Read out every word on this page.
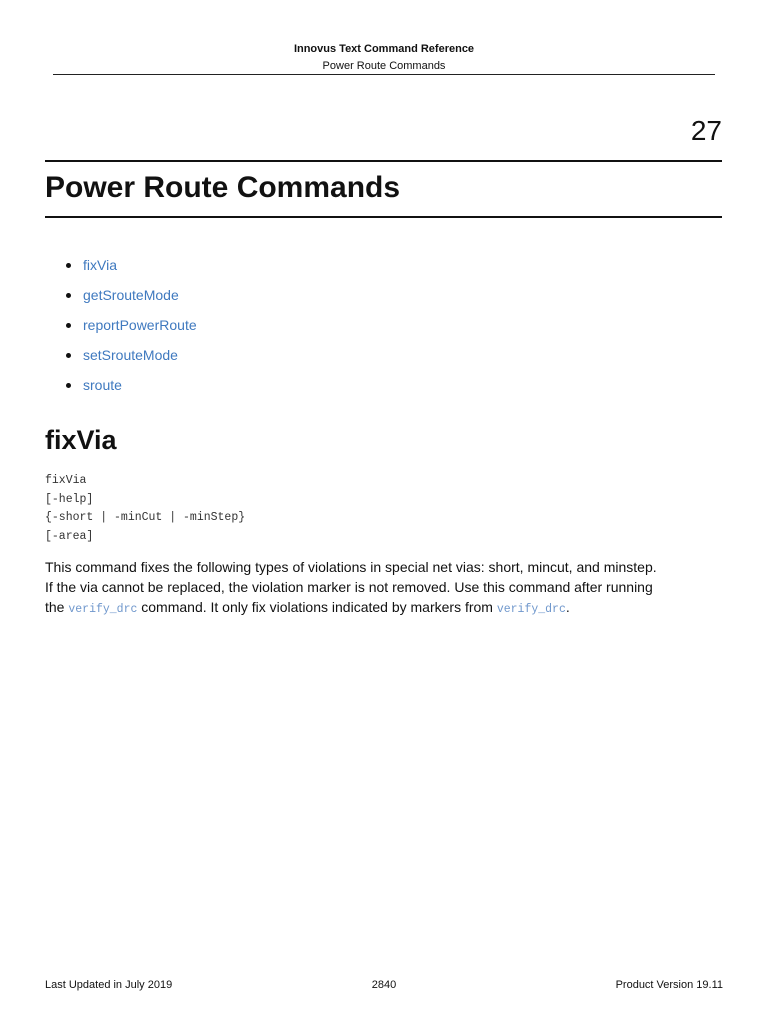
Innovus Text Command Reference
Power Route Commands
27
Power Route Commands
fixVia
getSrouteMode
reportPowerRoute
setSrouteMode
sroute
fixVia
fixVia
[-help]
{-short | -minCut | -minStep}
[-area]
This command fixes the following types of violations in special net vias: short, mincut, and minstep.
If the via cannot be replaced, the violation marker is not removed. Use this command after running
the verify_drc command. It only fix violations indicated by markers from verify_drc.
Last Updated in July 2019	2840	Product Version 19.11
